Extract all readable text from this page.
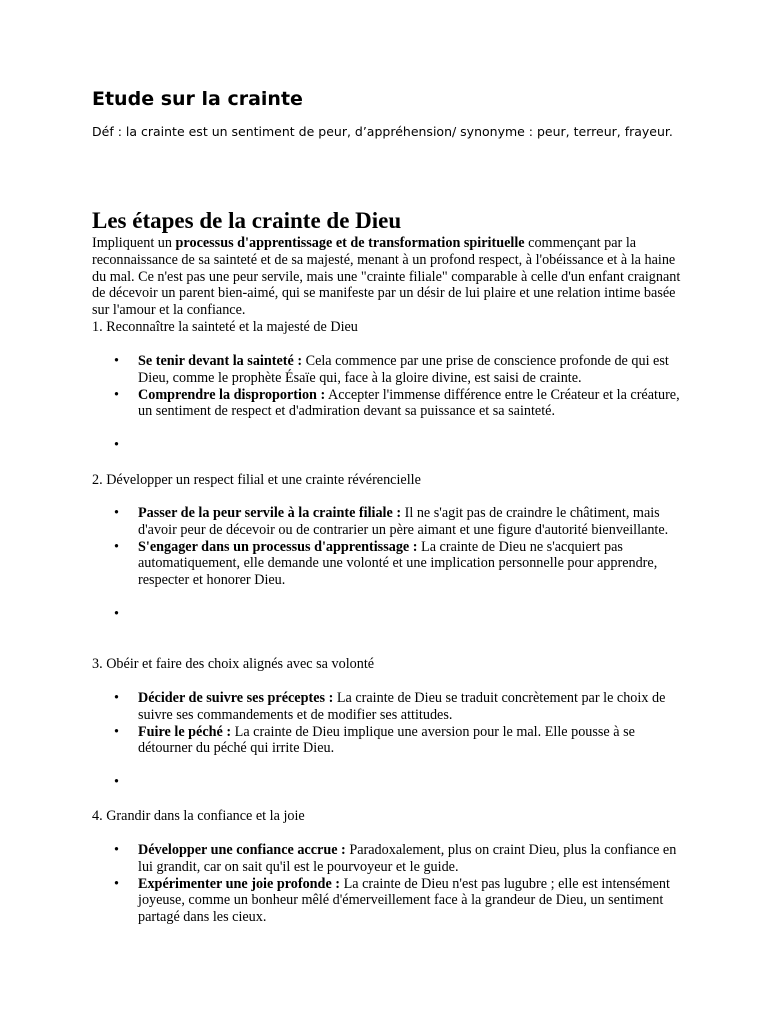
Etude sur la crainte

Déf : la crainte est un sentiment de peur, d’appréhension/ synonyme : peur, terreur, frayeur.

Les étapes de la crainte de Dieu

Impliquent un processus d'apprentissage et de transformation spirituelle commençant par la reconnaissance de sa sainteté et de sa majesté, menant à un profond respect, à l'obéissance et à la haine du mal. Ce n'est pas une peur servile, mais une "crainte filiale" comparable à celle d'un enfant craignant de décevoir un parent bien-aimé, qui se manifeste par un désir de lui plaire et une relation intime basée sur l'amour et la confiance.

1. Reconnaître la sainteté et la majesté de Dieu

• Se tenir devant la sainteté : Cela commence par une prise de conscience profonde de qui est Dieu, comme le prophète Ésaïe qui, face à la gloire divine, est saisi de crainte.
• Comprendre la disproportion : Accepter l'immense différence entre le Créateur et la créature, un sentiment de respect et d'admiration devant sa puissance et sa sainteté.
•

2. Développer un respect filial et une crainte révérencielle

• Passer de la peur servile à la crainte filiale : Il ne s'agit pas de craindre le châtiment, mais d'avoir peur de décevoir ou de contrarier un père aimant et une figure d'autorité bienveillante.
• S'engager dans un processus d'apprentissage : La crainte de Dieu ne s'acquiert pas automatiquement, elle demande une volonté et une implication personnelle pour apprendre, respecter et honorer Dieu.
•

3. Obéir et faire des choix alignés avec sa volonté

• Décider de suivre ses préceptes : La crainte de Dieu se traduit concrètement par le choix de suivre ses commandements et de modifier ses attitudes.
• Fuire le péché : La crainte de Dieu implique une aversion pour le mal. Elle pousse à se détourner du péché qui irrite Dieu.
•

4. Grandir dans la confiance et la joie

• Développer une confiance accrue : Paradoxalement, plus on craint Dieu, plus la confiance en lui grandit, car on sait qu'il est le pourvoyeur et le guide.
• Expérimenter une joie profonde : La crainte de Dieu n'est pas lugubre ; elle est intensément joyeuse, comme un bonheur mêlé d'émerveillement face à la grandeur de Dieu, un sentiment partagé dans les cieux.
